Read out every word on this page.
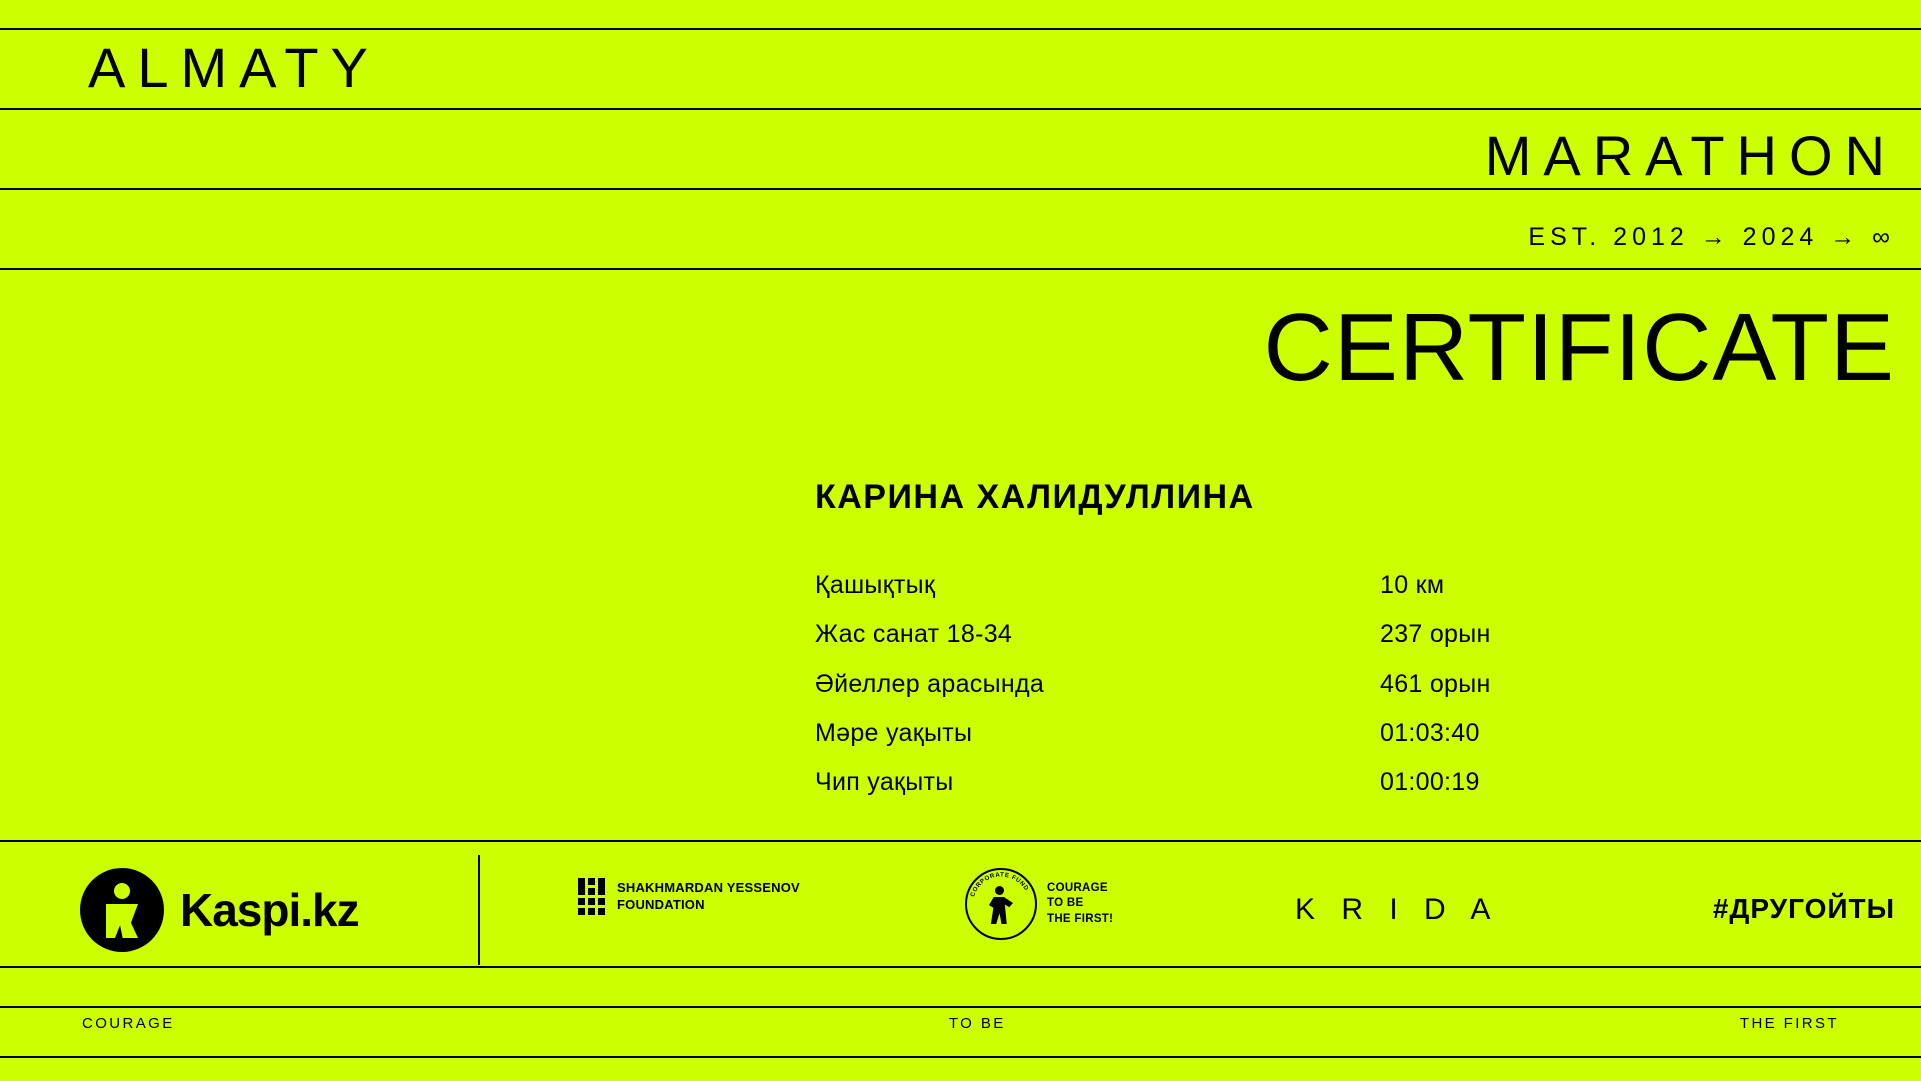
ALMATY
MARATHON
EST. 2012 → 2024 → ∞
CERTIFICATE
КАРИНА ХАЛИДУЛЛИНА
Қашықтық	10 км
Жас санат 18-34	237 орын
Әйеллер арасында	461 орын
Мәре уақыты	01:03:40
Чип уақыты	01:00:19
Kaspi.kz	SHAKHMARDAN YESSENOV
FOUNDATION
CORPORATE FUND COURAGE
TO BE
THE FIRST!	K R I D A	#ДРУГОЙТЫ
COURAGE	TO BE	THE FIRST
